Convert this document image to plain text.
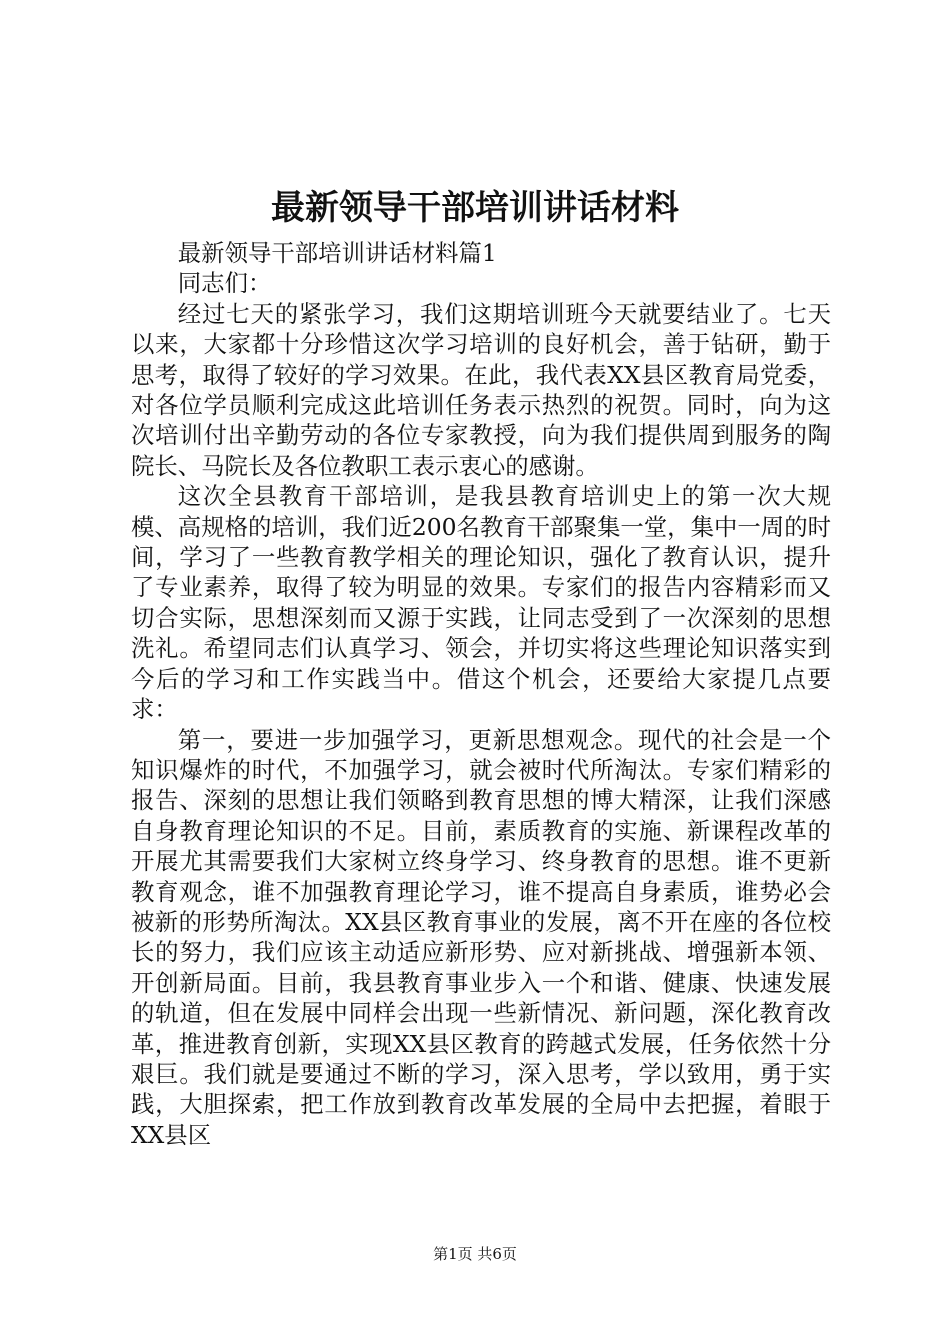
最新领导干部培训讲话材料

最新领导干部培训讲话材料篇1

同志们：

经过七天的紧张学习，我们这期培训班今天就要结业了。七天以来，大家都十分珍惜这次学习培训的良好机会，善于钻研，勤于思考，取得了较好的学习效果。在此，我代表XX县区教育局党委，对各位学员顺利完成这此培训任务表示热烈的祝贺。同时，向为这次培训付出辛勤劳动的各位专家教授，向为我们提供周到服务的陶院长、马院长及各位教职工表示衷心的感谢。

这次全县教育干部培训，是我县教育培训史上的第一次大规模、高规格的培训，我们近200名教育干部聚集一堂，集中一周的时间，学习了一些教育教学相关的理论知识，强化了教育认识，提升了专业素养，取得了较为明显的效果。专家们的报告内容精彩而又切合实际，思想深刻而又源于实践，让同志受到了一次深刻的思想洗礼。希望同志们认真学习、领会，并切实将这些理论知识落实到今后的学习和工作实践当中。借这个机会，还要给大家提几点要求：

第一，要进一步加强学习，更新思想观念。现代的社会是一个知识爆炸的时代，不加强学习，就会被时代所淘汰。专家们精彩的报告、深刻的思想让我们领略到教育思想的博大精深，让我们深感自身教育理论知识的不足。目前，素质教育的实施、新课程改革的开展尤其需要我们大家树立终身学习、终身教育的思想。谁不更新教育观念，谁不加强教育理论学习，谁不提高自身素质，谁势必会被新的形势所淘汰。XX县区教育事业的发展，离不开在座的各位校长的努力，我们应该主动适应新形势、应对新挑战、增强新本领、开创新局面。目前，我县教育事业步入一个和谐、健康、快速发展的轨道，但在发展中同样会出现一些新情况、新问题，深化教育改革，推进教育创新，实现XX县区教育的跨越式发展，任务依然十分艰巨。我们就是要通过不断的学习，深入思考，学以致用，勇于实践，大胆探索，把工作放到教育改革发展的全局中去把握，着眼于XX县区

第1页 共6页
